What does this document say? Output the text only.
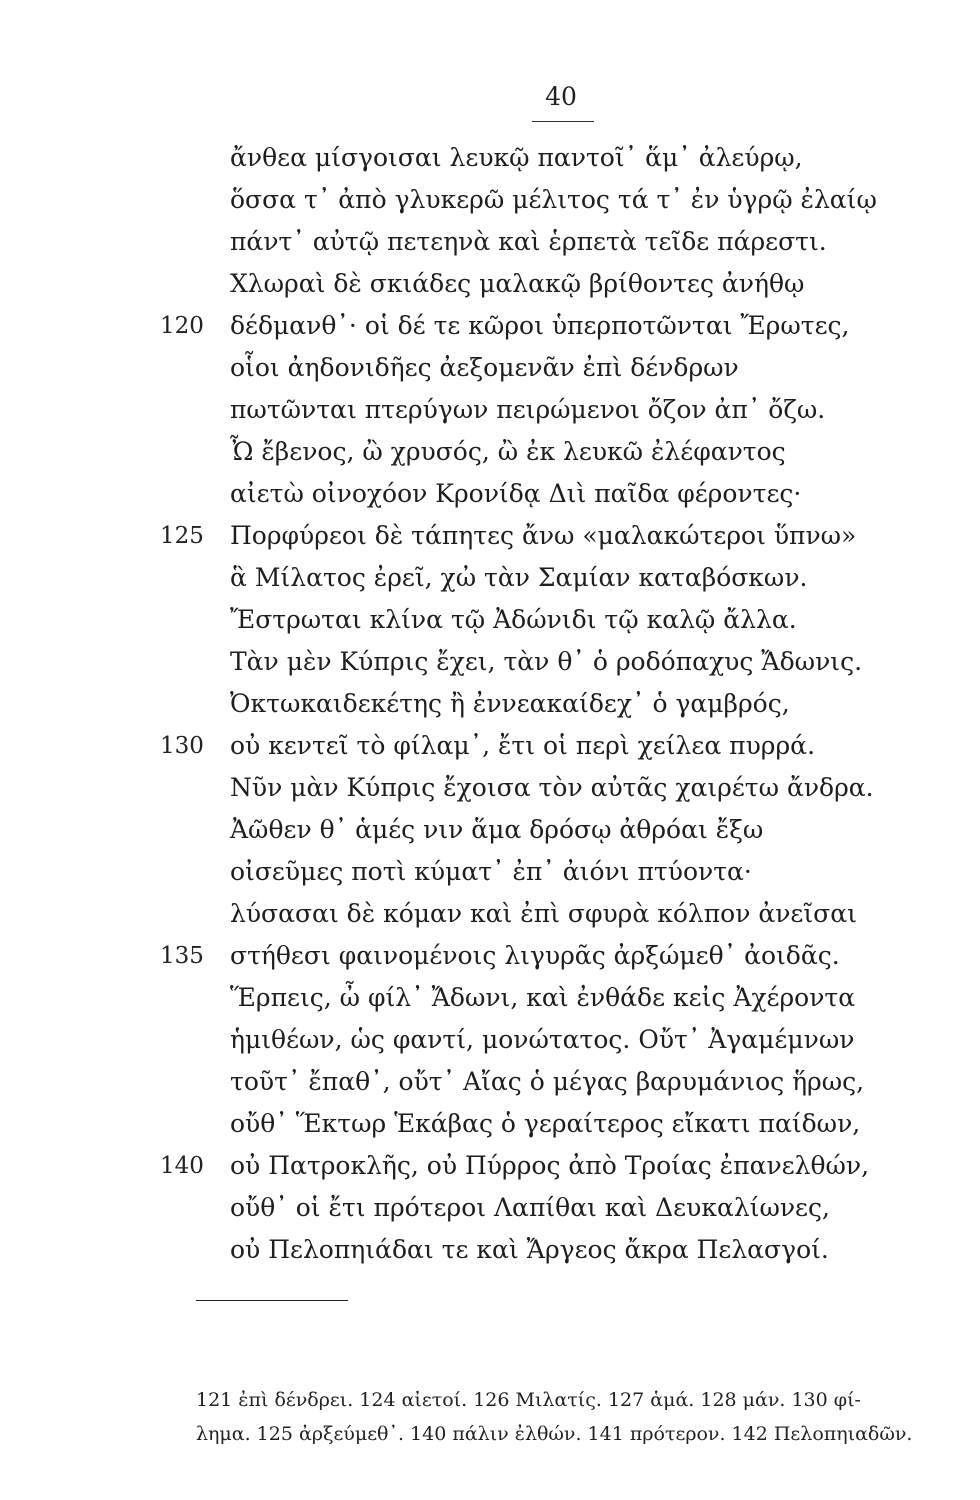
40
ἄνθεα μίσγοισαι λευκῷ παντοῖ᾿ ἅμ᾿ ἀλεύρῳ,
ὅσσα τ᾿ ἀπὸ γλυκερῶ μέλιτος τά τ᾿ ἐν ὑγρῷ ἐλαίῳ
πάντ᾿ αὐτῷ πετεηνὰ καὶ ἑρπετὰ τεῖδε πάρεστι.
Χλωραὶ δὲ σκιάδες μαλακῷ βρίθοντες ἀνήθῳ
120	δέδμανθ᾿· οἱ δέ τε κῶροι ὑπερποτῶνται Ἔρωτες,
οἷοι ἀηδονιδῆες ἀεξομενᾶν ἐπὶ δένδρων
πωτῶνται πτερύγων πειρώμενοι ὄζον ἀπ᾿ ὄζω.
Ὦ ἔβενος, ὢ χρυσός, ὢ ἐκ λευκῶ ἐλέφαντος
αἰετὼ οἰνοχόον Κρονίδᾳ Διὶ παῖδα φέροντες·
125	Πορφύρεοι δὲ τάπητες ἄνω «μαλακώτεροι ὕπνω»
ἃ Μίλατος ἐρεῖ, χὠ τὰν Σαμίαν καταβόσκων.
Ἔστρωται κλίνα τῷ Ἀδώνιδι τῷ καλῷ ἄλλα.
Τὰν μὲν Κύπρις ἔχει, τὰν θ᾿ ὁ ροδόπαχυς Ἄδωνις.
Ὀκτωκαιδεκέτης ἢ ἐννεακαίδεχ᾿ ὁ γαμβρός,
130	οὐ κεντεῖ τὸ φίλαμ᾿, ἔτι οἱ περὶ χείλεα πυρρά.
Νῦν μὰν Κύπρις ἔχοισα τὸν αὐτᾶς χαιρέτω ἄνδρα.
Ἀῶθεν θ᾿ ἁμές νιν ἅμα δρόσῳ ἀθρόαι ἔξω
οἰσεῦμες ποτὶ κύματ᾿ ἐπ᾿ ἀιόνι πτύοντα·
λύσασαι δὲ κόμαν καὶ ἐπὶ σφυρὰ κόλπον ἀνεῖσαι
135	στήθεσι φαινομένοις λιγυρᾶς ἀρξώμεθ᾿ ἀοιδᾶς.
Ἕρπεις, ὦ φίλ᾿ Ἄδωνι, καὶ ἐνθάδε κεἰς Ἀχέροντα
ἡμιθέων, ὡς φαντί, μονώτατος. Οὔτ᾿ Ἀγαμέμνων
τοῦτ᾿ ἔπαθ᾿, οὔτ᾿ Αἴας ὁ μέγας βαρυμάνιος ἥρως,
οὔθ᾿ Ἕκτωρ Ἑκάβας ὁ γεραίτερος εἴκατι παίδων,
140	οὐ Πατροκλῆς, οὐ Πύρρος ἀπὸ Τροίας ἐπανελθών,
οὔθ᾿ οἱ ἔτι πρότεροι Λαπίθαι καὶ Δευκαλίωνες,
οὐ Πελοπηιάδαι τε καὶ Ἄργεος ἄκρα Πελασγοί.
121 ἐπὶ δένδρει. 124 αἰετοί. 126 Μιλατίς. 127 ἁμά. 128 μάν. 130 φί-
λημα. 125 ἀρξεύμεθ᾿. 140 πάλιν ἐλθών. 141 πρότερον. 142 Πελοπηιαδῶν.
